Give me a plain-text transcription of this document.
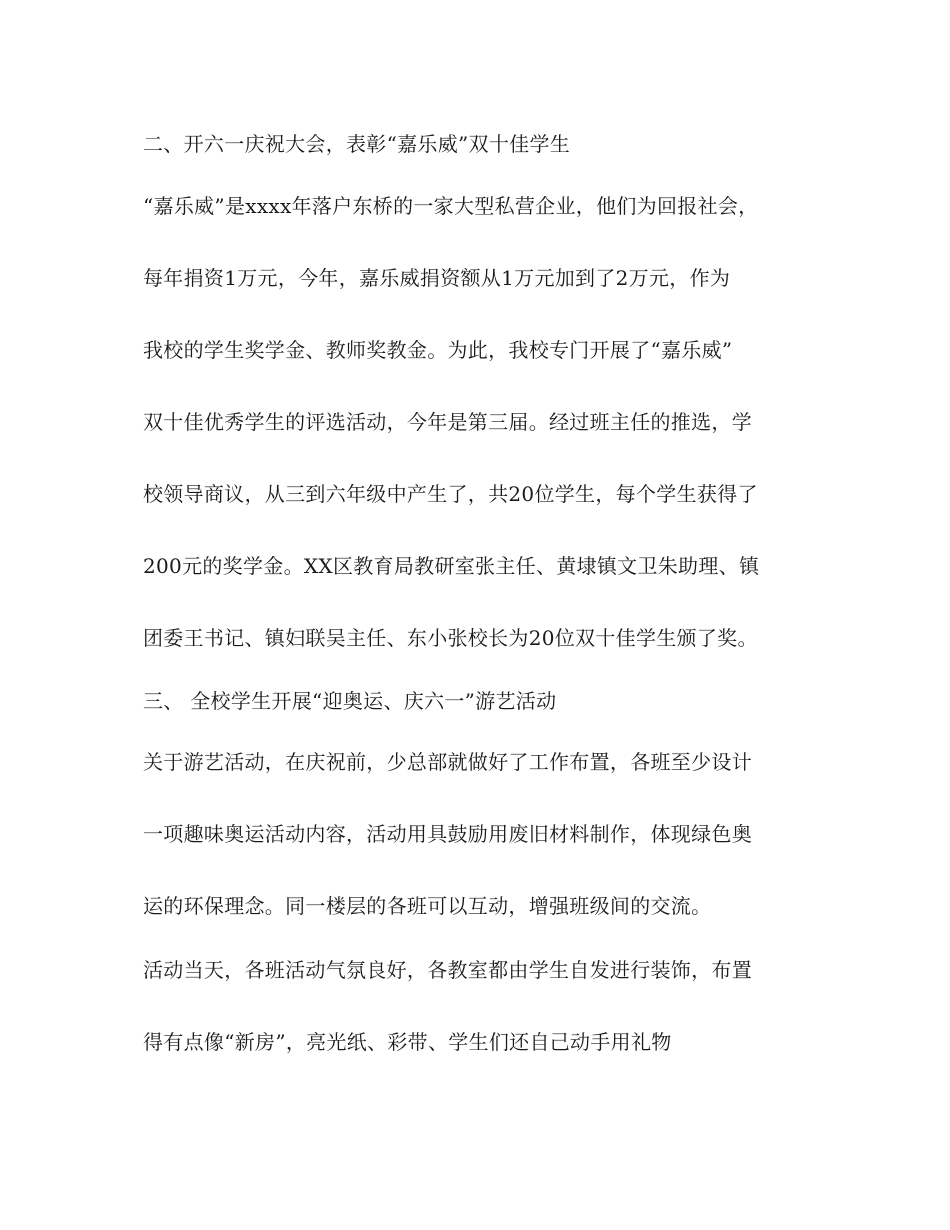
二、开六一庆祝大会，表彰“嘉乐威”双十佳学生
“嘉乐威”是xxxx年落户东桥的一家大型私营企业，他们为回报社会，
每年捐资1万元，今年，嘉乐威捐资额从1万元加到了2万元，作为
我校的学生奖学金、教师奖教金。为此，我校专门开展了“嘉乐威”
双十佳优秀学生的评选活动，今年是第三届。经过班主任的推选，学
校领导商议，从三到六年级中产生了，共20位学生，每个学生获得了
200元的奖学金。XX区教育局教研室张主任、黄埭镇文卫朱助理、镇
团委王书记、镇妇联吴主任、东小张校长为20位双十佳学生颁了奖。
三、 全校学生开展“迎奥运、庆六一”游艺活动
关于游艺活动，在庆祝前，少总部就做好了工作布置，各班至少设计
一项趣味奥运活动内容，活动用具鼓励用废旧材料制作，体现绿色奥
运的环保理念。同一楼层的各班可以互动，增强班级间的交流。
活动当天，各班活动气氛良好，各教室都由学生自发进行装饰，布置
得有点像“新房”，亮光纸、彩带、学生们还自己动手用礼物
